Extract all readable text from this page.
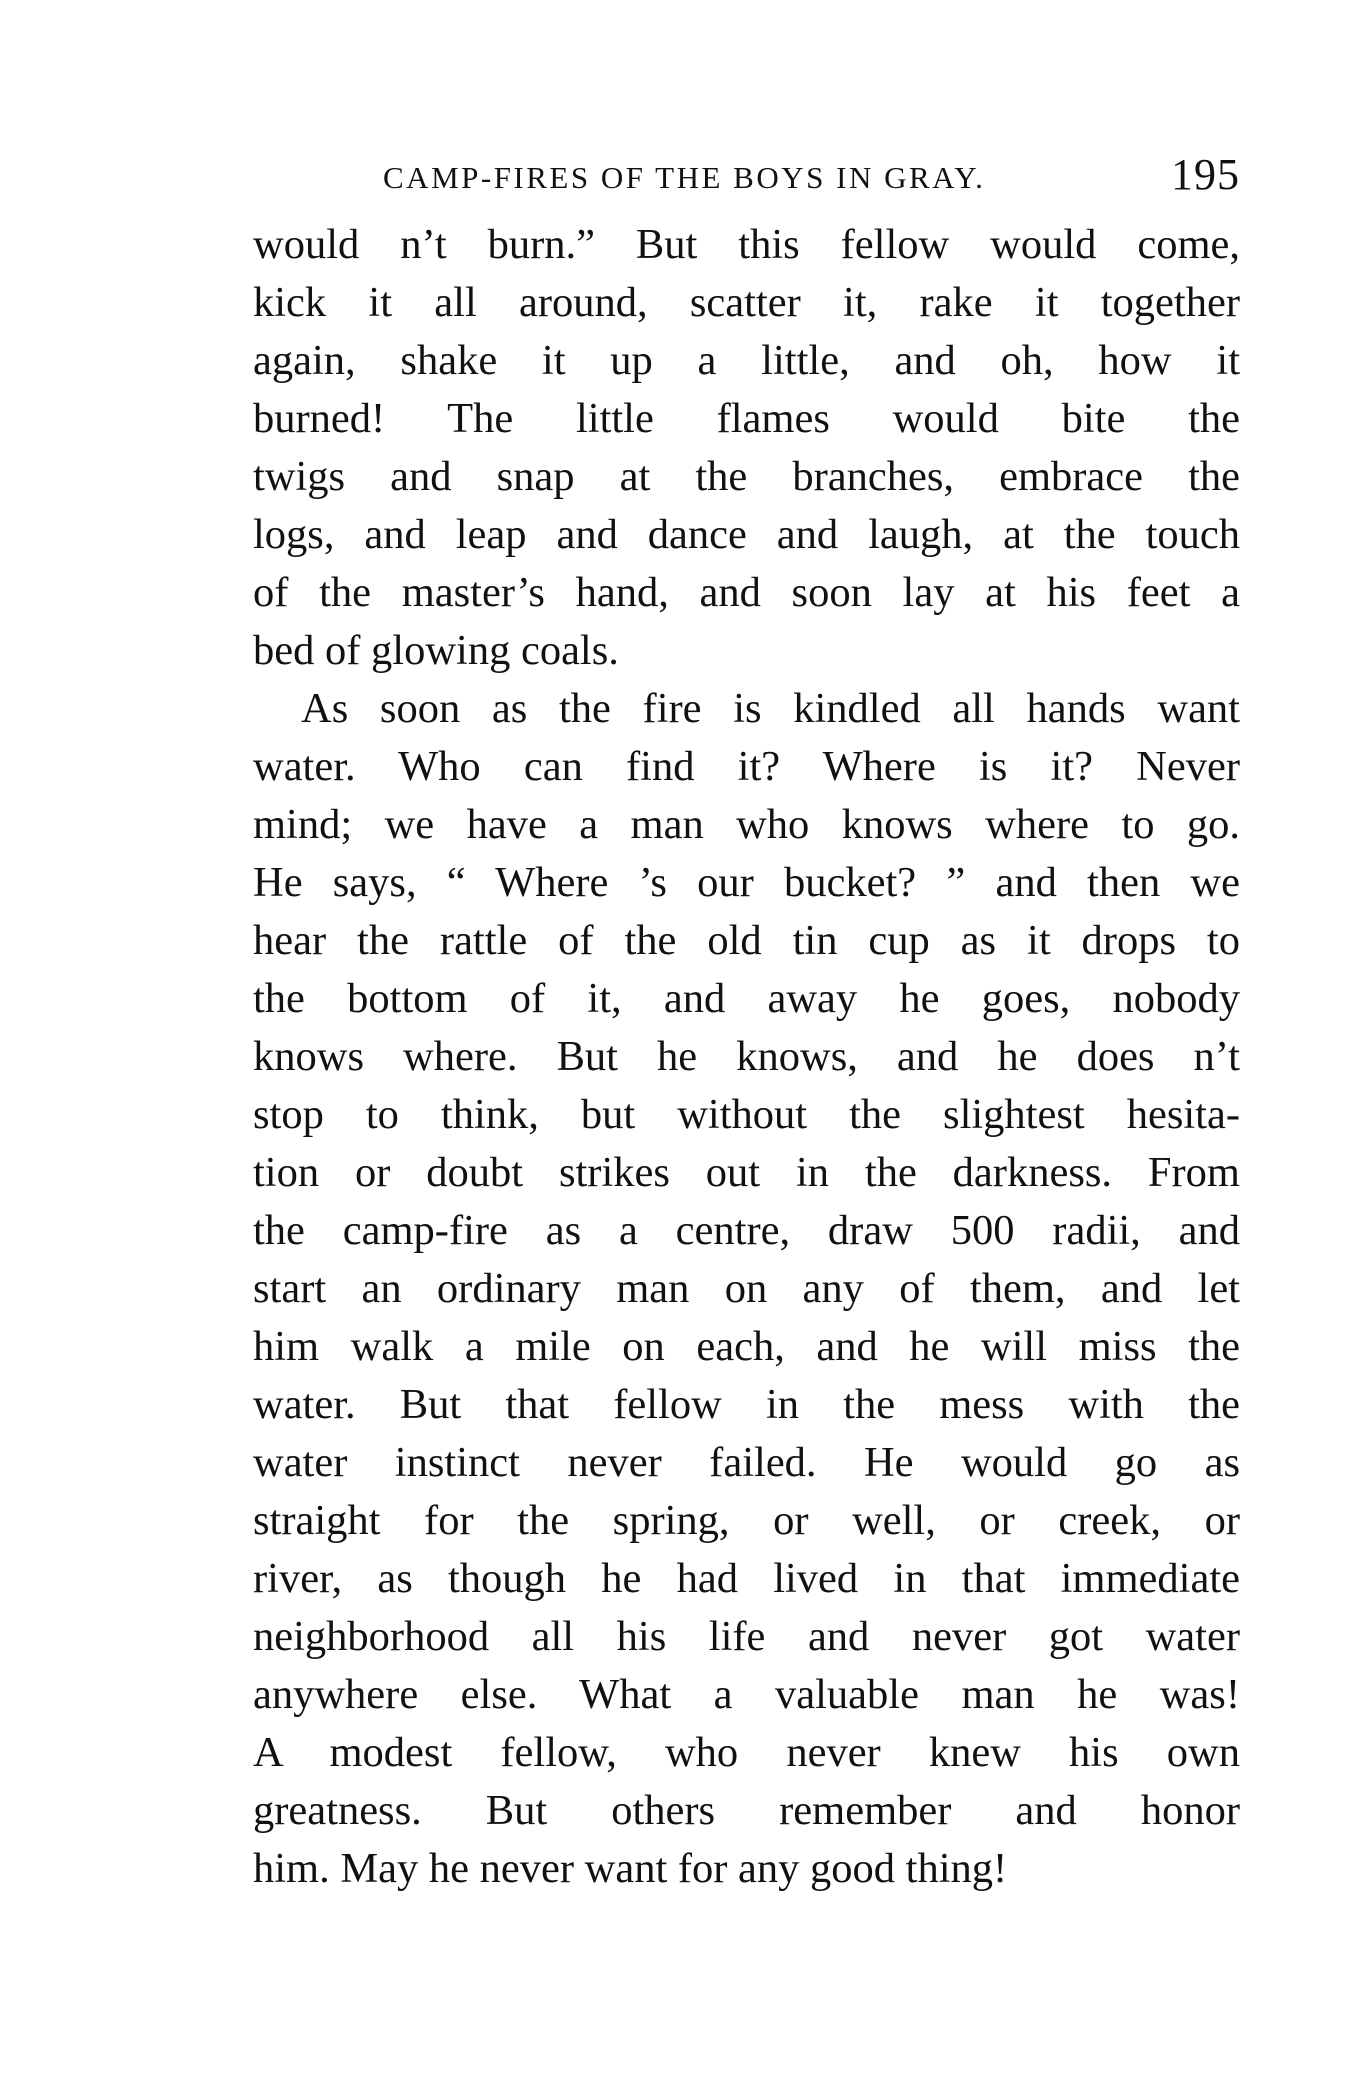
CAMP-FIRES OF THE BOYS IN GRAY.	195
would n’t burn.” But this fellow would come,
kick it all around, scatter it, rake it together
again, shake it up a little, and oh, how it
burned! The little flames would bite the
twigs and snap at the branches, embrace the
logs, and leap and dance and laugh, at the touch
of the master’s hand, and soon lay at his feet a
bed of glowing coals.
As soon as the fire is kindled all hands want
water. Who can find it? Where is it? Never
mind; we have a man who knows where to go.
He says, “ Where ’s our bucket? ” and then we
hear the rattle of the old tin cup as it drops to
the bottom of it, and away he goes, nobody
knows where. But he knows, and he does n’t
stop to think, but without the slightest hesita-
tion or doubt strikes out in the darkness. From
the camp-fire as a centre, draw 500 radii, and
start an ordinary man on any of them, and let
him walk a mile on each, and he will miss the
water. But that fellow in the mess with the
water instinct never failed. He would go as
straight for the spring, or well, or creek, or
river, as though he had lived in that immediate
neighborhood all his life and never got water
anywhere else. What a valuable man he was!
A modest fellow, who never knew his own
greatness. But others remember and honor
him. May he never want for any good thing!
